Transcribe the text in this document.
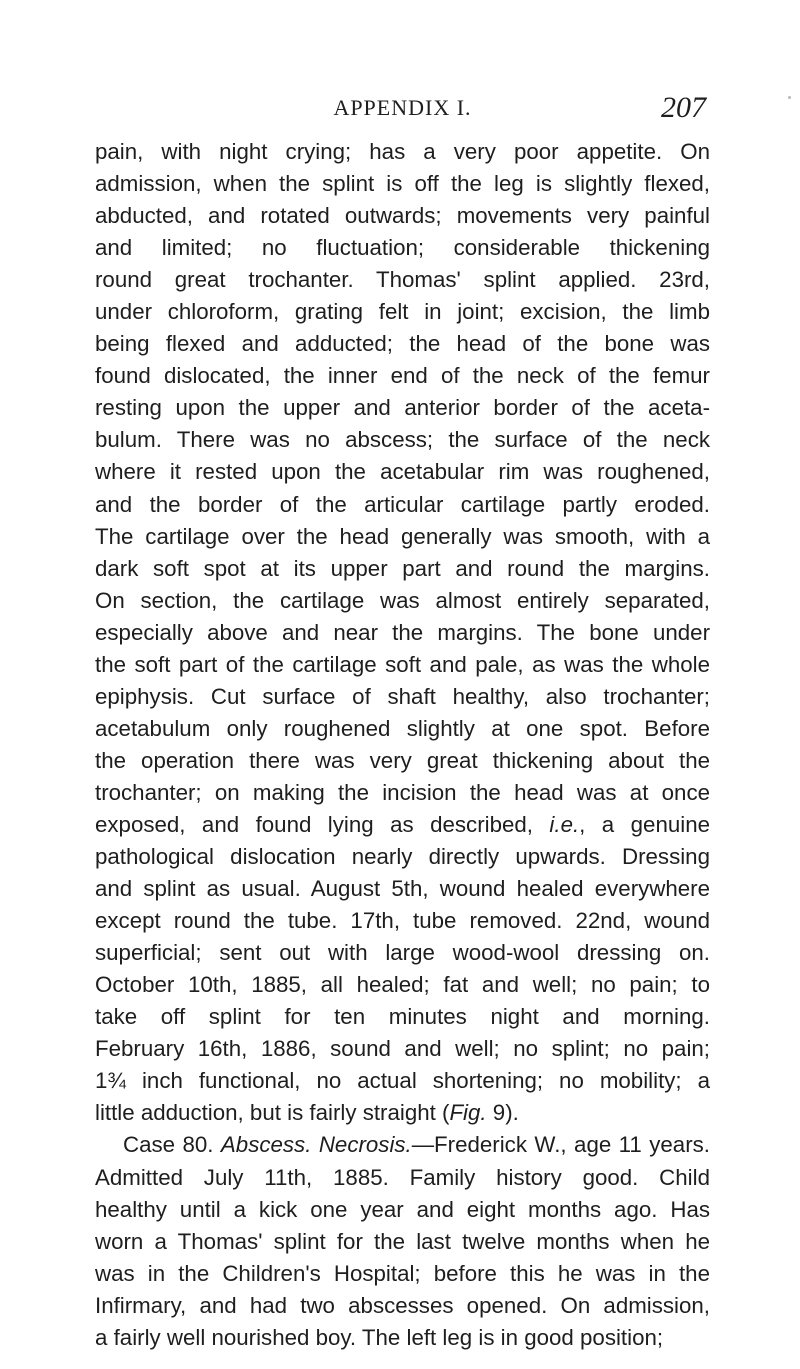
APPENDIX I.	207
pain, with night crying; has a very poor appetite. On
admission, when the splint is off the leg is slightly flexed,
abducted, and rotated outwards; movements very painful
and limited; no fluctuation; considerable thickening
round great trochanter. Thomas' splint applied. 23rd,
under chloroform, grating felt in joint; excision, the limb
being flexed and adducted; the head of the bone was
found dislocated, the inner end of the neck of the femur
resting upon the upper and anterior border of the aceta-
bulum. There was no abscess; the surface of the neck
where it rested upon the acetabular rim was roughened,
and the border of the articular cartilage partly eroded.
The cartilage over the head generally was smooth, with a
dark soft spot at its upper part and round the margins.
On section, the cartilage was almost entirely separated,
especially above and near the margins. The bone under
the soft part of the cartilage soft and pale, as was the whole
epiphysis. Cut surface of shaft healthy, also trochanter;
acetabulum only roughened slightly at one spot. Before
the operation there was very great thickening about the
trochanter; on making the incision the head was at once
exposed, and found lying as described, i.e., a genuine
pathological dislocation nearly directly upwards. Dressing
and splint as usual. August 5th, wound healed everywhere
except round the tube. 17th, tube removed. 22nd, wound
superficial; sent out with large wood-wool dressing on.
October 10th, 1885, all healed; fat and well; no pain; to
take off splint for ten minutes night and morning.
February 16th, 1886, sound and well; no splint; no pain;
1¾ inch functional, no actual shortening; no mobility; a
little adduction, but is fairly straight (Fig. 9).
Case 80. Abscess. Necrosis.—Frederick W., age 11 years.
Admitted July 11th, 1885. Family history good. Child
healthy until a kick one year and eight months ago. Has
worn a Thomas' splint for the last twelve months when he
was in the Children's Hospital; before this he was in the
Infirmary, and had two abscesses opened. On admission,
a fairly well nourished boy. The left leg is in good position;
